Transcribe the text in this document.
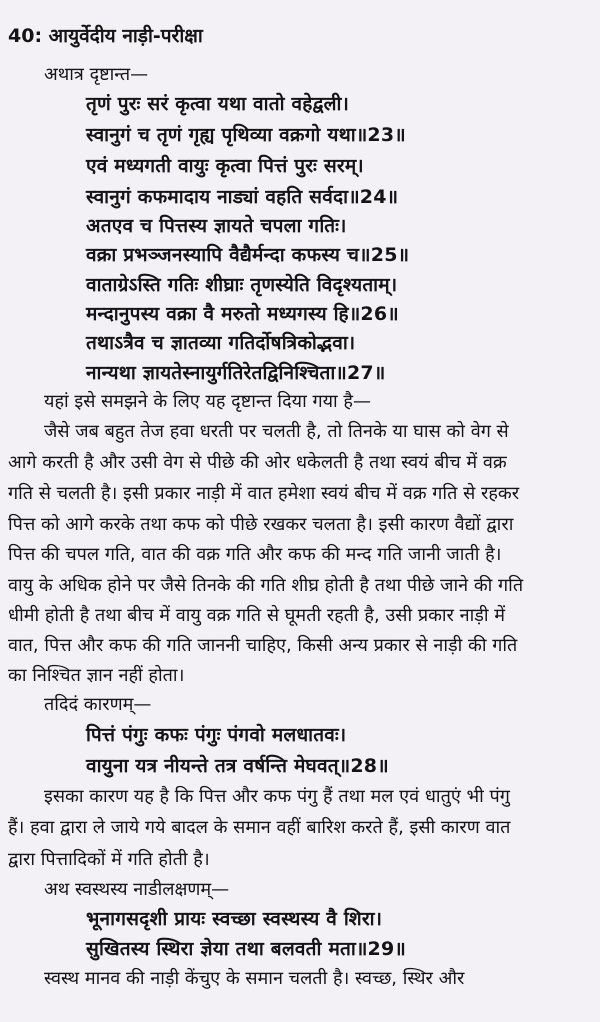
40: आयुर्वेदीय नाड़ी-परीक्षा
अथात्र दृष्टान्त—
तृणं पुरः सरं कृत्वा यथा वातो वहेद्वली।
स्वानुगं च तृणं गृह्य पृथिव्या वक्रगो यथा॥23॥
एवं मध्यगती वायुः कृत्वा पित्तं पुरः सरम्।
स्वानुगं कफमादाय नाड्यां वहति सर्वदा॥24॥
अतएव च पित्तस्य ज्ञायते चपला गतिः।
वक्रा प्रभञ्जनस्यापि वैद्यैर्मन्दा कफस्य च॥25॥
वाताग्रेऽस्ति गतिः शीघ्राः तृणस्येति विदृश्यताम्।
मन्दानुपस्य वक्रा वै मरुतो मध्यगस्य हि॥26॥
तथाऽत्रैव च ज्ञातव्या गतिर्दोषत्रिकोद्भवा।
नान्यथा ज्ञायतेस्नायुर्गतिरेतद्विनिश्चिता॥27॥
यहां इसे समझने के लिए यह दृष्टान्त दिया गया है—
जैसे जब बहुत तेज हवा धरती पर चलती है, तो तिनके या घास को वेग से
आगे करती है और उसी वेग से पीछे की ओर धकेलती है तथा स्वयं बीच में वक्र
गति से चलती है। इसी प्रकार नाड़ी में वात हमेशा स्वयं बीच में वक्र गति से रहकर
पित्त को आगे करके तथा कफ को पीछे रखकर चलता है। इसी कारण वैद्यों द्वारा
पित्त की चपल गति, वात की वक्र गति और कफ की मन्द गति जानी जाती है।
वायु के अधिक होने पर जैसे तिनके की गति शीघ्र होती है तथा पीछे जाने की गति
धीमी होती है तथा बीच में वायु वक्र गति से घूमती रहती है, उसी प्रकार नाड़ी में
वात, पित्त और कफ की गति जाननी चाहिए, किसी अन्य प्रकार से नाड़ी की गति
का निश्चित ज्ञान नहीं होता।
तदिदं कारणम्—
पित्तं पंगुः कफः पंगुः पंगवो मलधातवः।
वायुना यत्र नीयन्ते तत्र वर्षन्ति मेघवत्॥28॥
इसका कारण यह है कि पित्त और कफ पंगु हैं तथा मल एवं धातुएं भी पंगु
हैं। हवा द्वारा ले जाये गये बादल के समान वहीं बारिश करते हैं, इसी कारण वात
द्वारा पित्तादिकों में गति होती है।
अथ स्वस्थस्य नाडीलक्षणम्—
भूनागसदृशी प्रायः स्वच्छा स्वस्थस्य वै शिरा।
सुखितस्य स्थिरा ज्ञेया तथा बलवती मता॥29॥
स्वस्थ मानव की नाड़ी केंचुए के समान चलती है। स्वच्छ, स्थिर और
